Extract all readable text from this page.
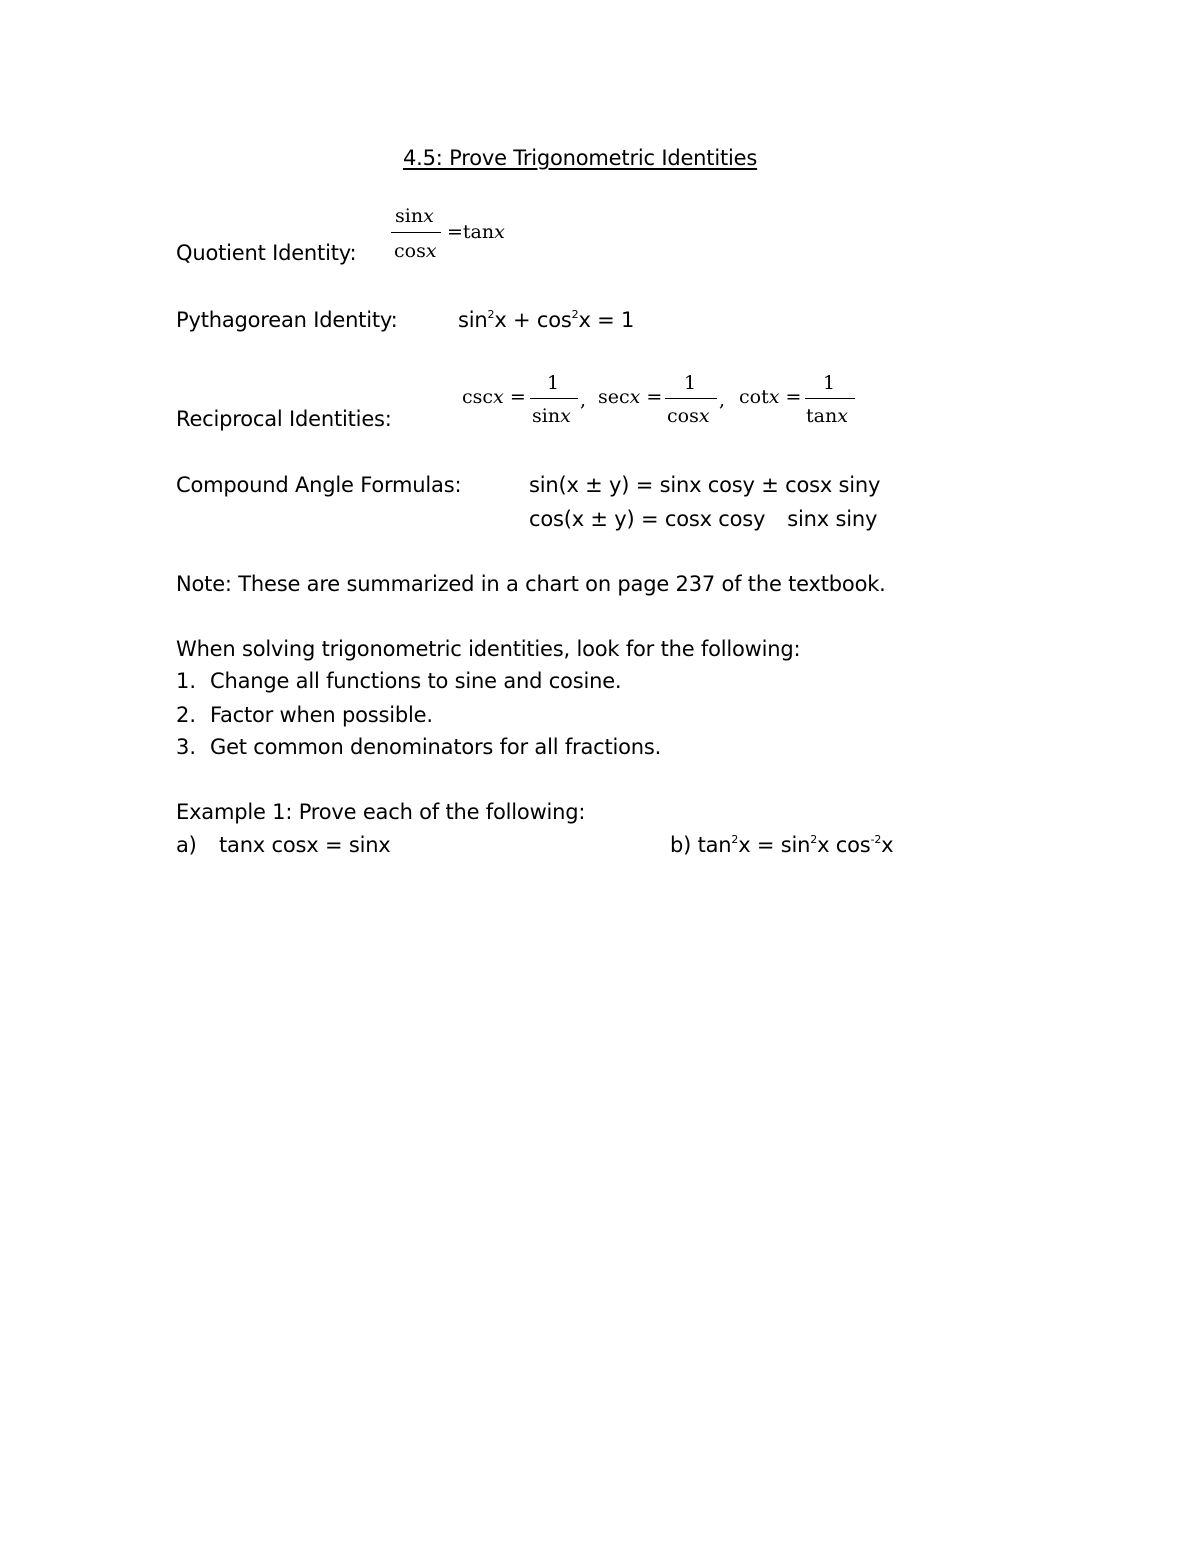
4.5: Prove Trigonometric Identities
Quotient Identity:
sinx
cosx
=tanx
Pythagorean Identity:	$\sin^2x + \cos^2x = 1$
Reciprocal Identities:
cscx =
1
sinx
, secx =
1
cosx
, cotx =
1
tanx
Compound Angle Formulas:	sin(x ± y) = sinx cosy ± cosx siny
cos(x ± y) = cosx cosy sinx siny
Note: These are summarized in a chart on page 237 of the textbook.
When solving trigonometric identities, look for the following:
1. Change all functions to sine and cosine.
2. Factor when possible.
3. Get common denominators for all fractions.
Example 1: Prove each of the following:
a) tanx cosx = sinx	b) $\tan^2x = \sin^2x$ $\cos^{-2}x$
